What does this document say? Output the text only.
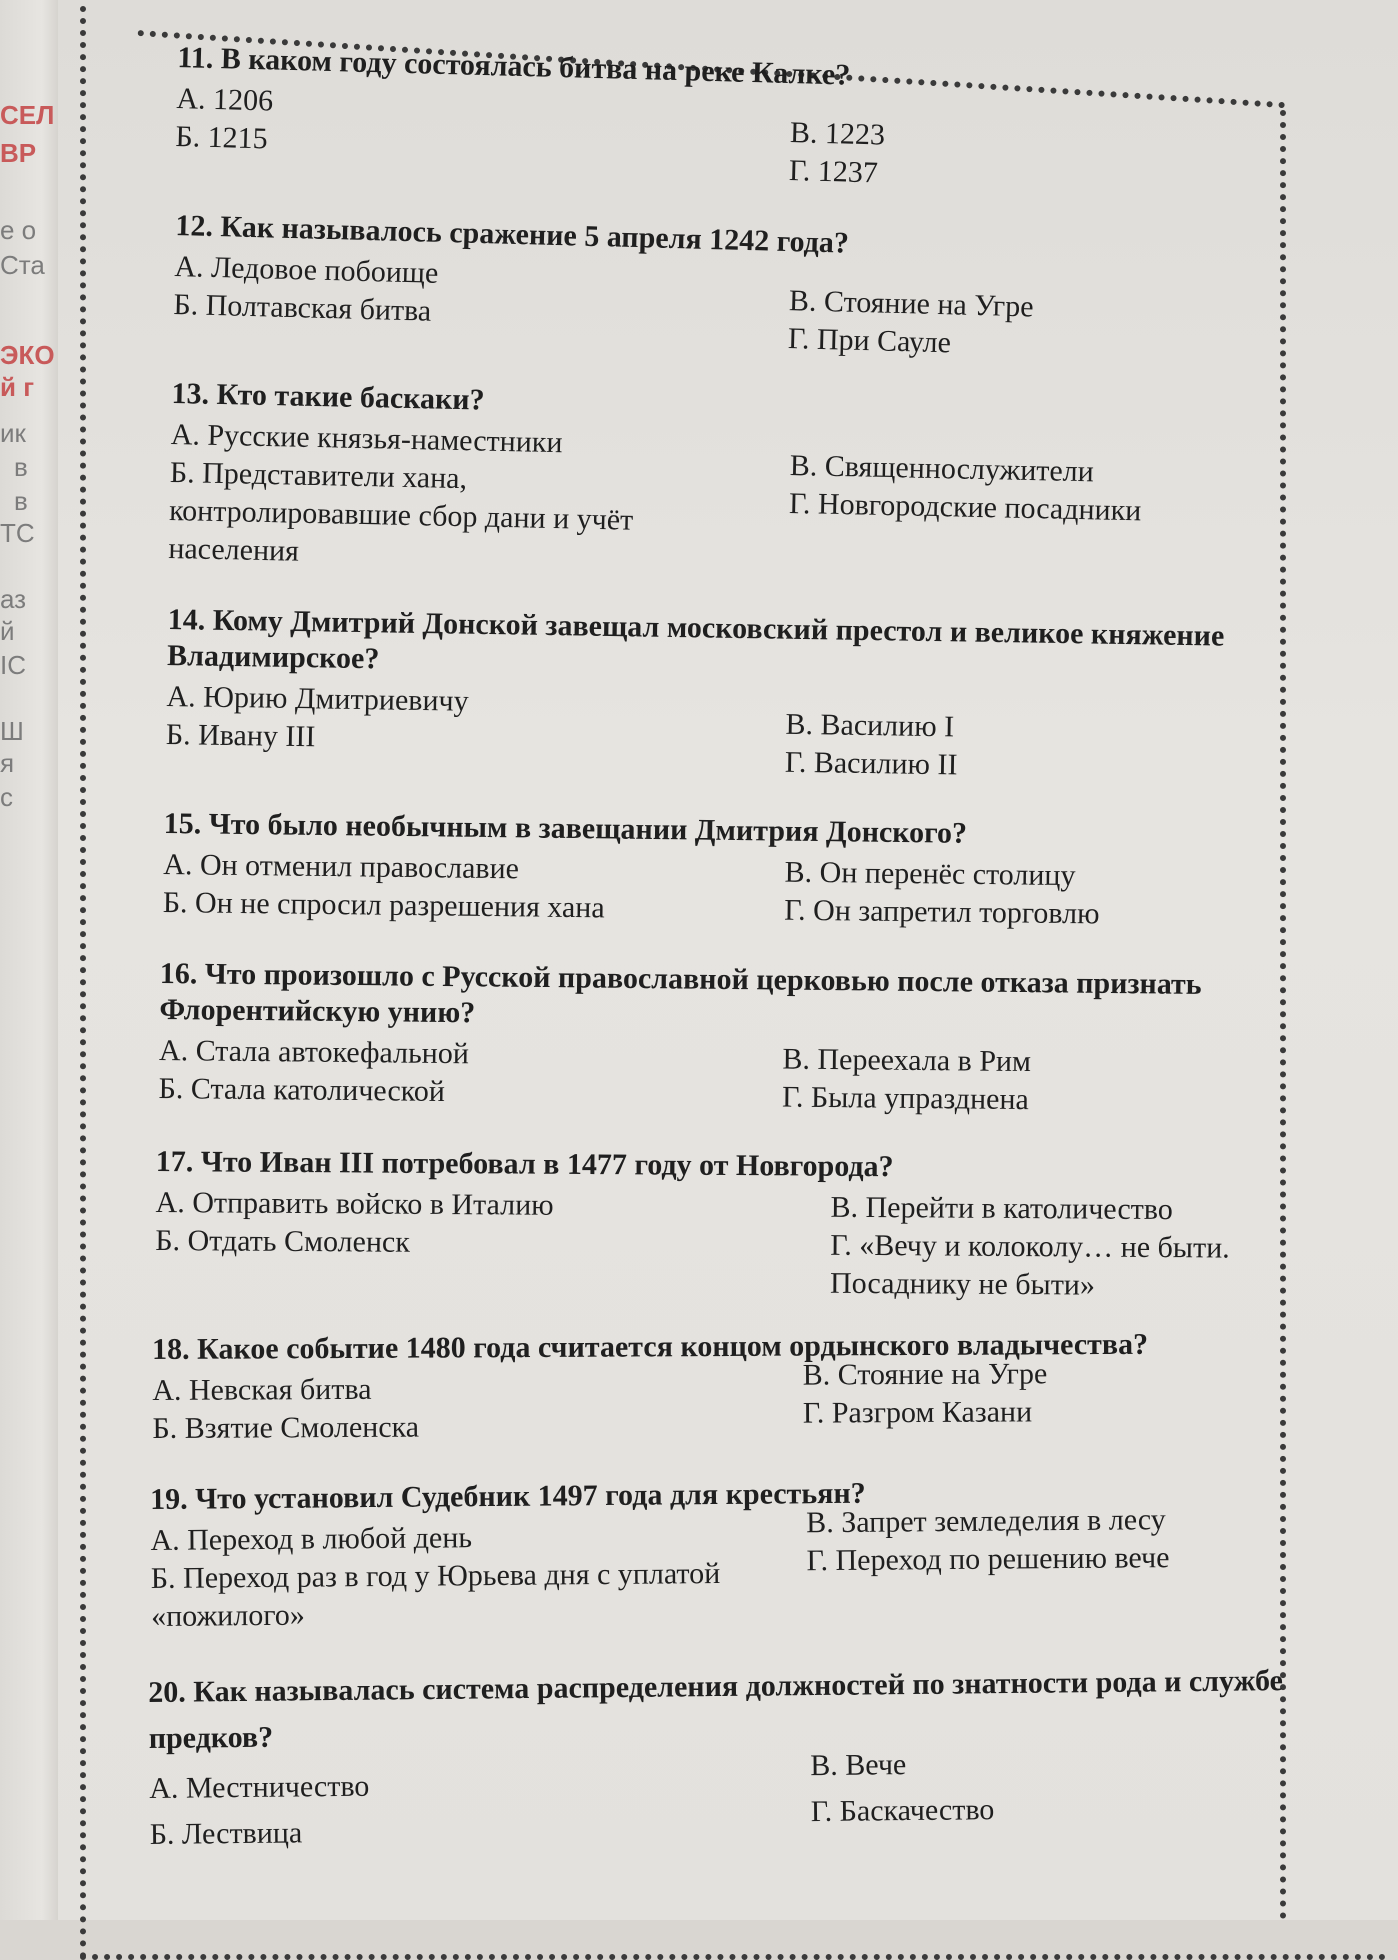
СЕЛ
ВР
е о
Ста
ЭКО
й г
ик
в
в
ТС
аз
й
ІС
Ш
я
с
11. В каком году состоялась битва на реке Калке?
А. 1206
Б. 1215	В. 1223
Г. 1237
12. Как называлось сражение 5 апреля 1242 года?
А. Ледовое побоище
Б. Полтавская битва	В. Стояние на Угре
Г. При Сауле
13. Кто такие баскаки?
А. Русские князья-наместники
Б. Представители хана, контролировавшие сбор дани и учёт населения
В. Священнослужители
Г. Новгородские посадники
14. Кому Дмитрий Донской завещал московский престол и великое княжение Владимирское?
А. Юрию Дмитриевичу
Б. Ивану III	В. Василию I
Г. Василию II
15. Что было необычным в завещании Дмитрия Донского?
А. Он отменил православие
Б. Он не спросил разрешения хана
В. Он перенёс столицу
Г. Он запретил торговлю
16. Что произошло с Русской православной церковью после отказа признать Флорентийскую унию?
А. Стала автокефальной
Б. Стала католической
В. Переехала в Рим
Г. Была упразднена
17. Что Иван III потребовал в 1477 году от Новгорода?
А. Отправить войско в Италию
Б. Отдать Смоленск
В. Перейти в католичество
Г. «Вечу и колоколу… не быти. Посаднику не быти»
18. Какое событие 1480 года считается концом ордынского владычества?
А. Невская битва
Б. Взятие Смоленска
В. Стояние на Угре
Г. Разгром Казани
19. Что установил Судебник 1497 года для крестьян?
А. Переход в любой день
Б. Переход раз в год у Юрьева дня с уплатой «пожилого»
В. Запрет земледелия в лесу
Г. Переход по решению вече
20. Как называлась система распределения должностей по знатности рода и службе предков?
А. Местничество
Б. Лествица
В. Вече
Г. Баскачество
